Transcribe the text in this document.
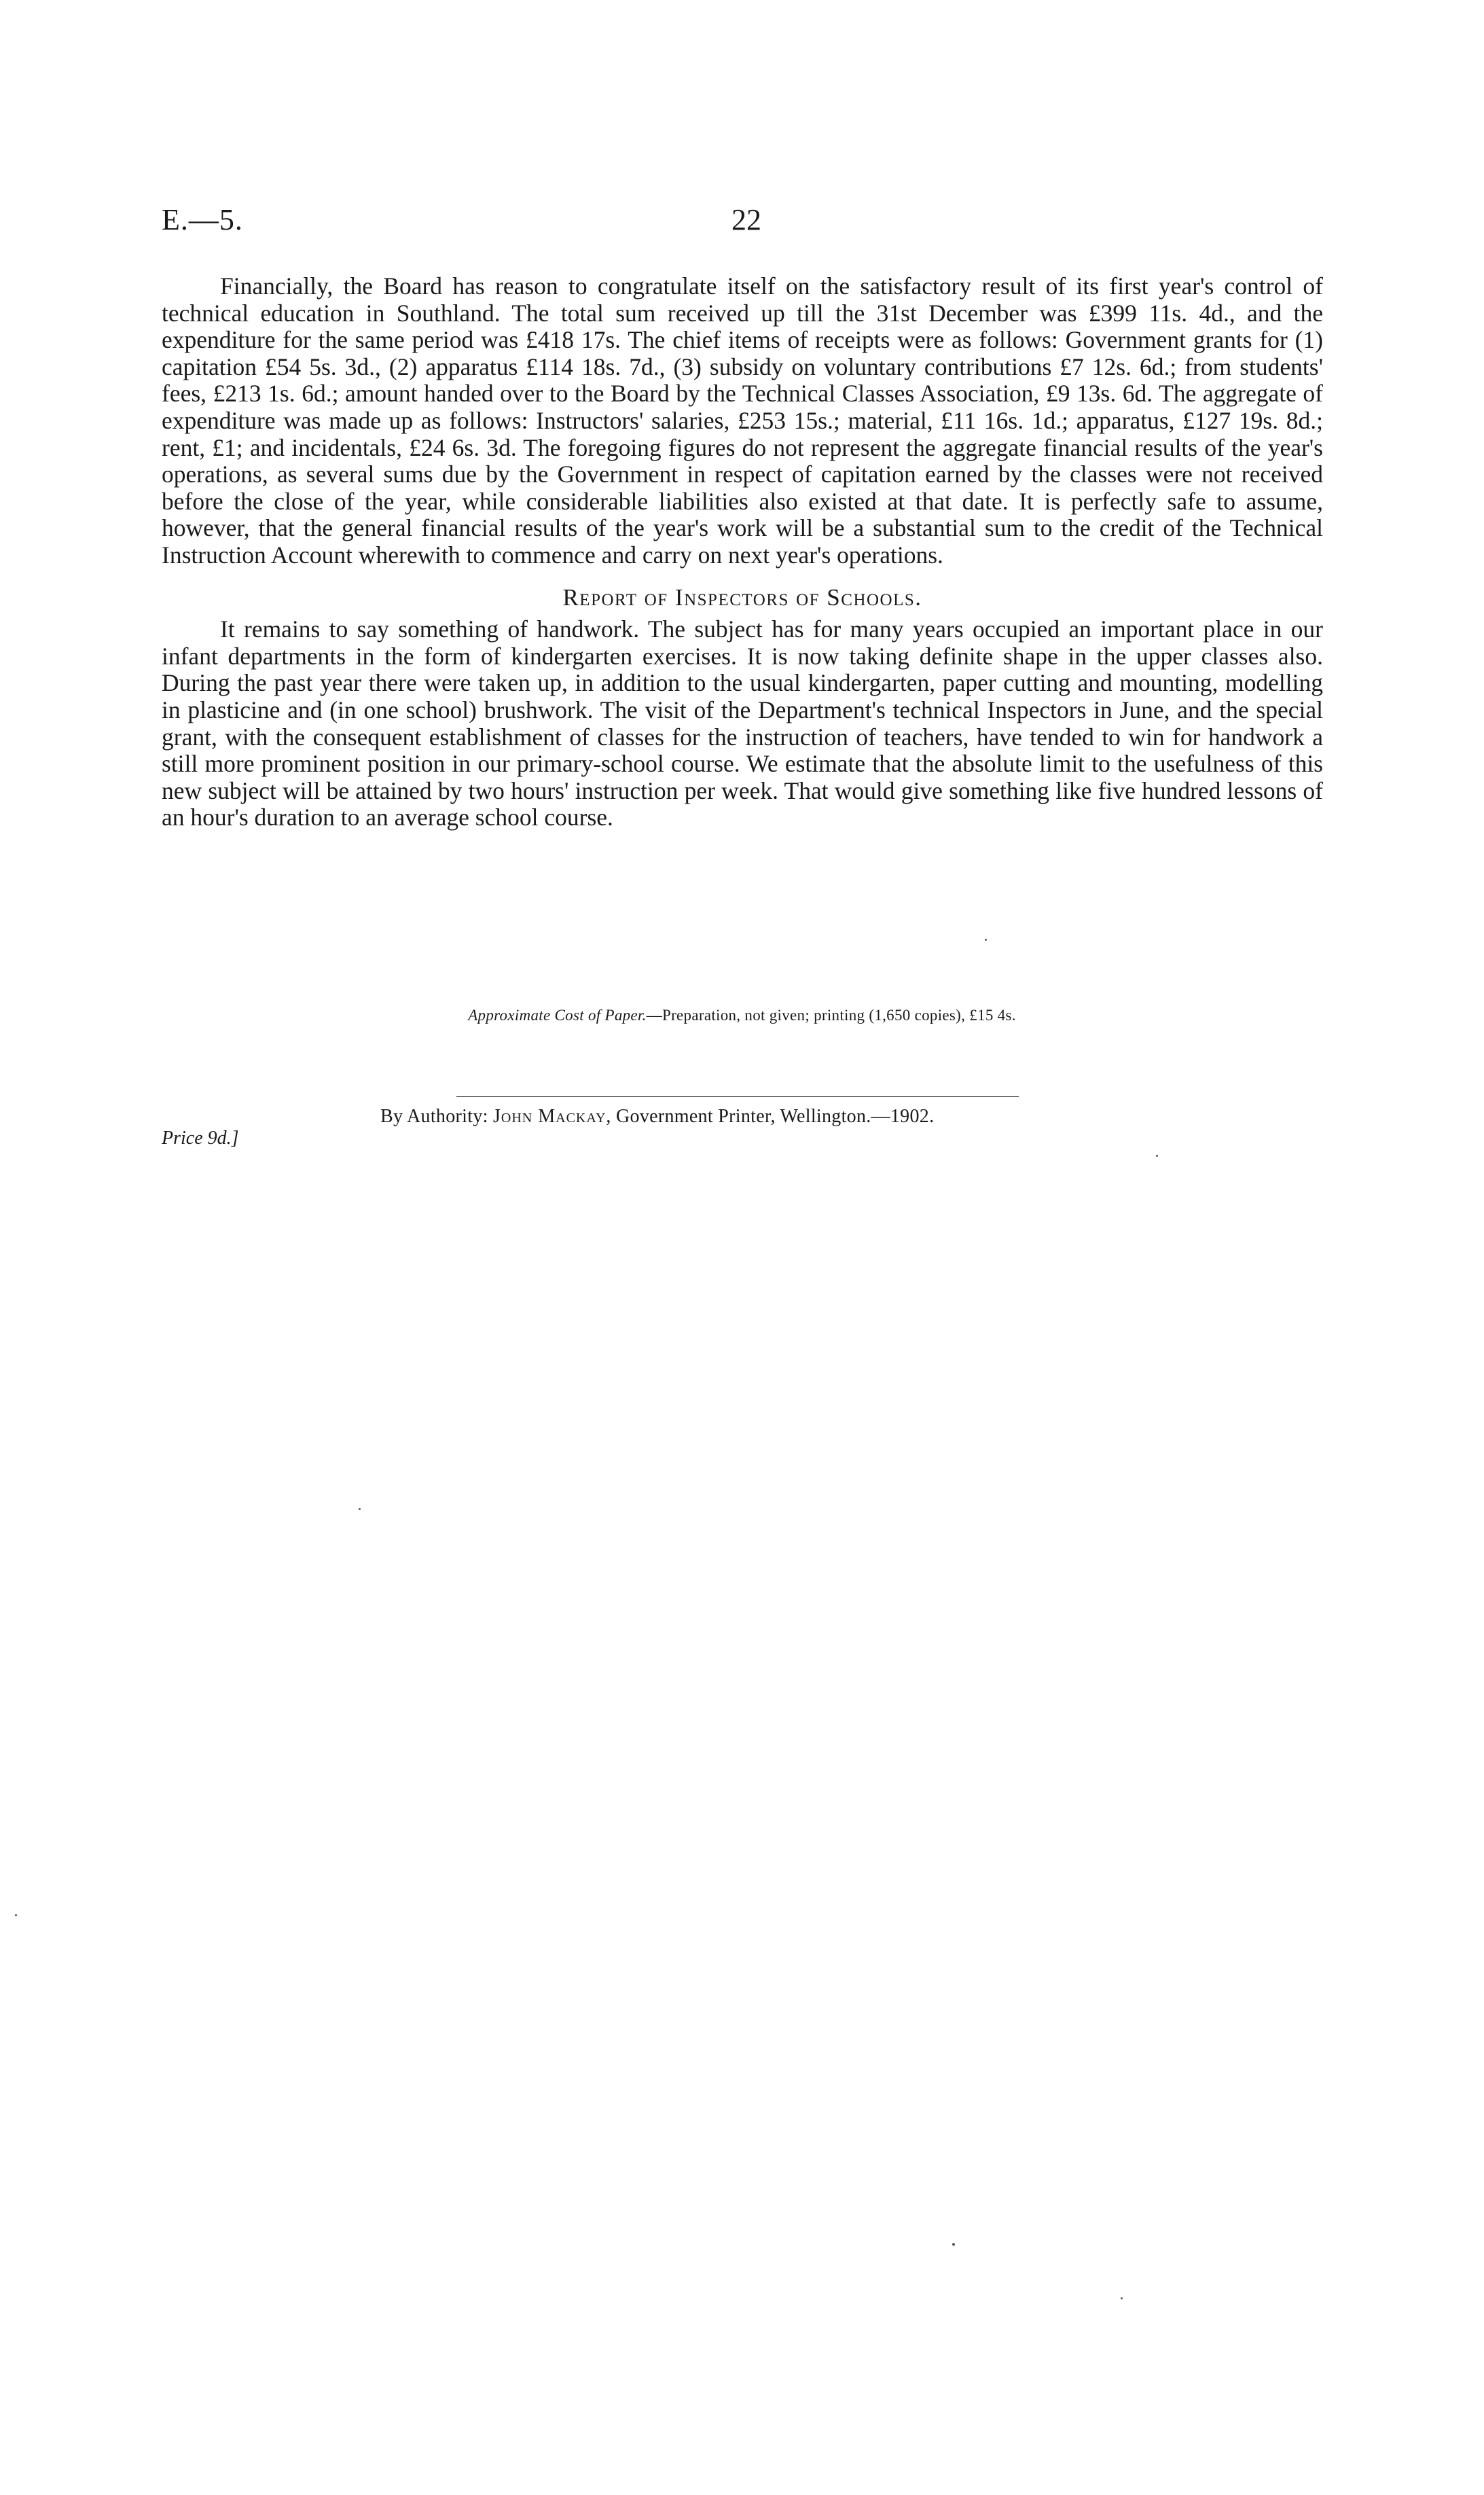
E.—5.	22

Financially, the Board has reason to congratulate itself on the satisfactory result of its first year's control of technical education in Southland. The total sum received up till the 31st December was £399 11s. 4d., and the expenditure for the same period was £418 17s. The chief items of receipts were as follows: Government grants for (1) capitation £54 5s. 3d., (2) apparatus £114 18s. 7d., (3) subsidy on voluntary contributions £7 12s. 6d.; from students' fees, £213 1s. 6d.; amount handed over to the Board by the Technical Classes Association, £9 13s. 6d. The aggregate of expenditure was made up as follows: Instructors' salaries, £253 15s.; material, £11 16s. 1d.; apparatus, £127 19s. 8d.; rent, £1; and incidentals, £24 6s. 3d. The foregoing figures do not represent the aggregate financial results of the year's operations, as several sums due by the Government in respect of capitation earned by the classes were not received before the close of the year, while considerable liabilities also existed at that date. It is perfectly safe to assume, however, that the general financial results of the year's work will be a substantial sum to the credit of the Technical Instruction Account wherewith to commence and carry on next year's operations.

Report of Inspectors of Schools.

It remains to say something of handwork. The subject has for many years occupied an important place in our infant departments in the form of kindergarten exercises. It is now taking definite shape in the upper classes also. During the past year there were taken up, in addition to the usual kindergarten, paper cutting and mounting, modelling in plasticine and (in one school) brushwork. The visit of the Department's technical Inspectors in June, and the special grant, with the consequent establishment of classes for the instruction of teachers, have tended to win for handwork a still more prominent position in our primary-school course. We estimate that the absolute limit to the usefulness of this new subject will be attained by two hours' instruction per week. That would give something like five hundred lessons of an hour's duration to an average school course.

Approximate Cost of Paper.—Preparation, not given; printing (1,650 copies), £15 4s.
By Authority: John Mackay, Government Printer, Wellington.—1902.
Price 9d.]
